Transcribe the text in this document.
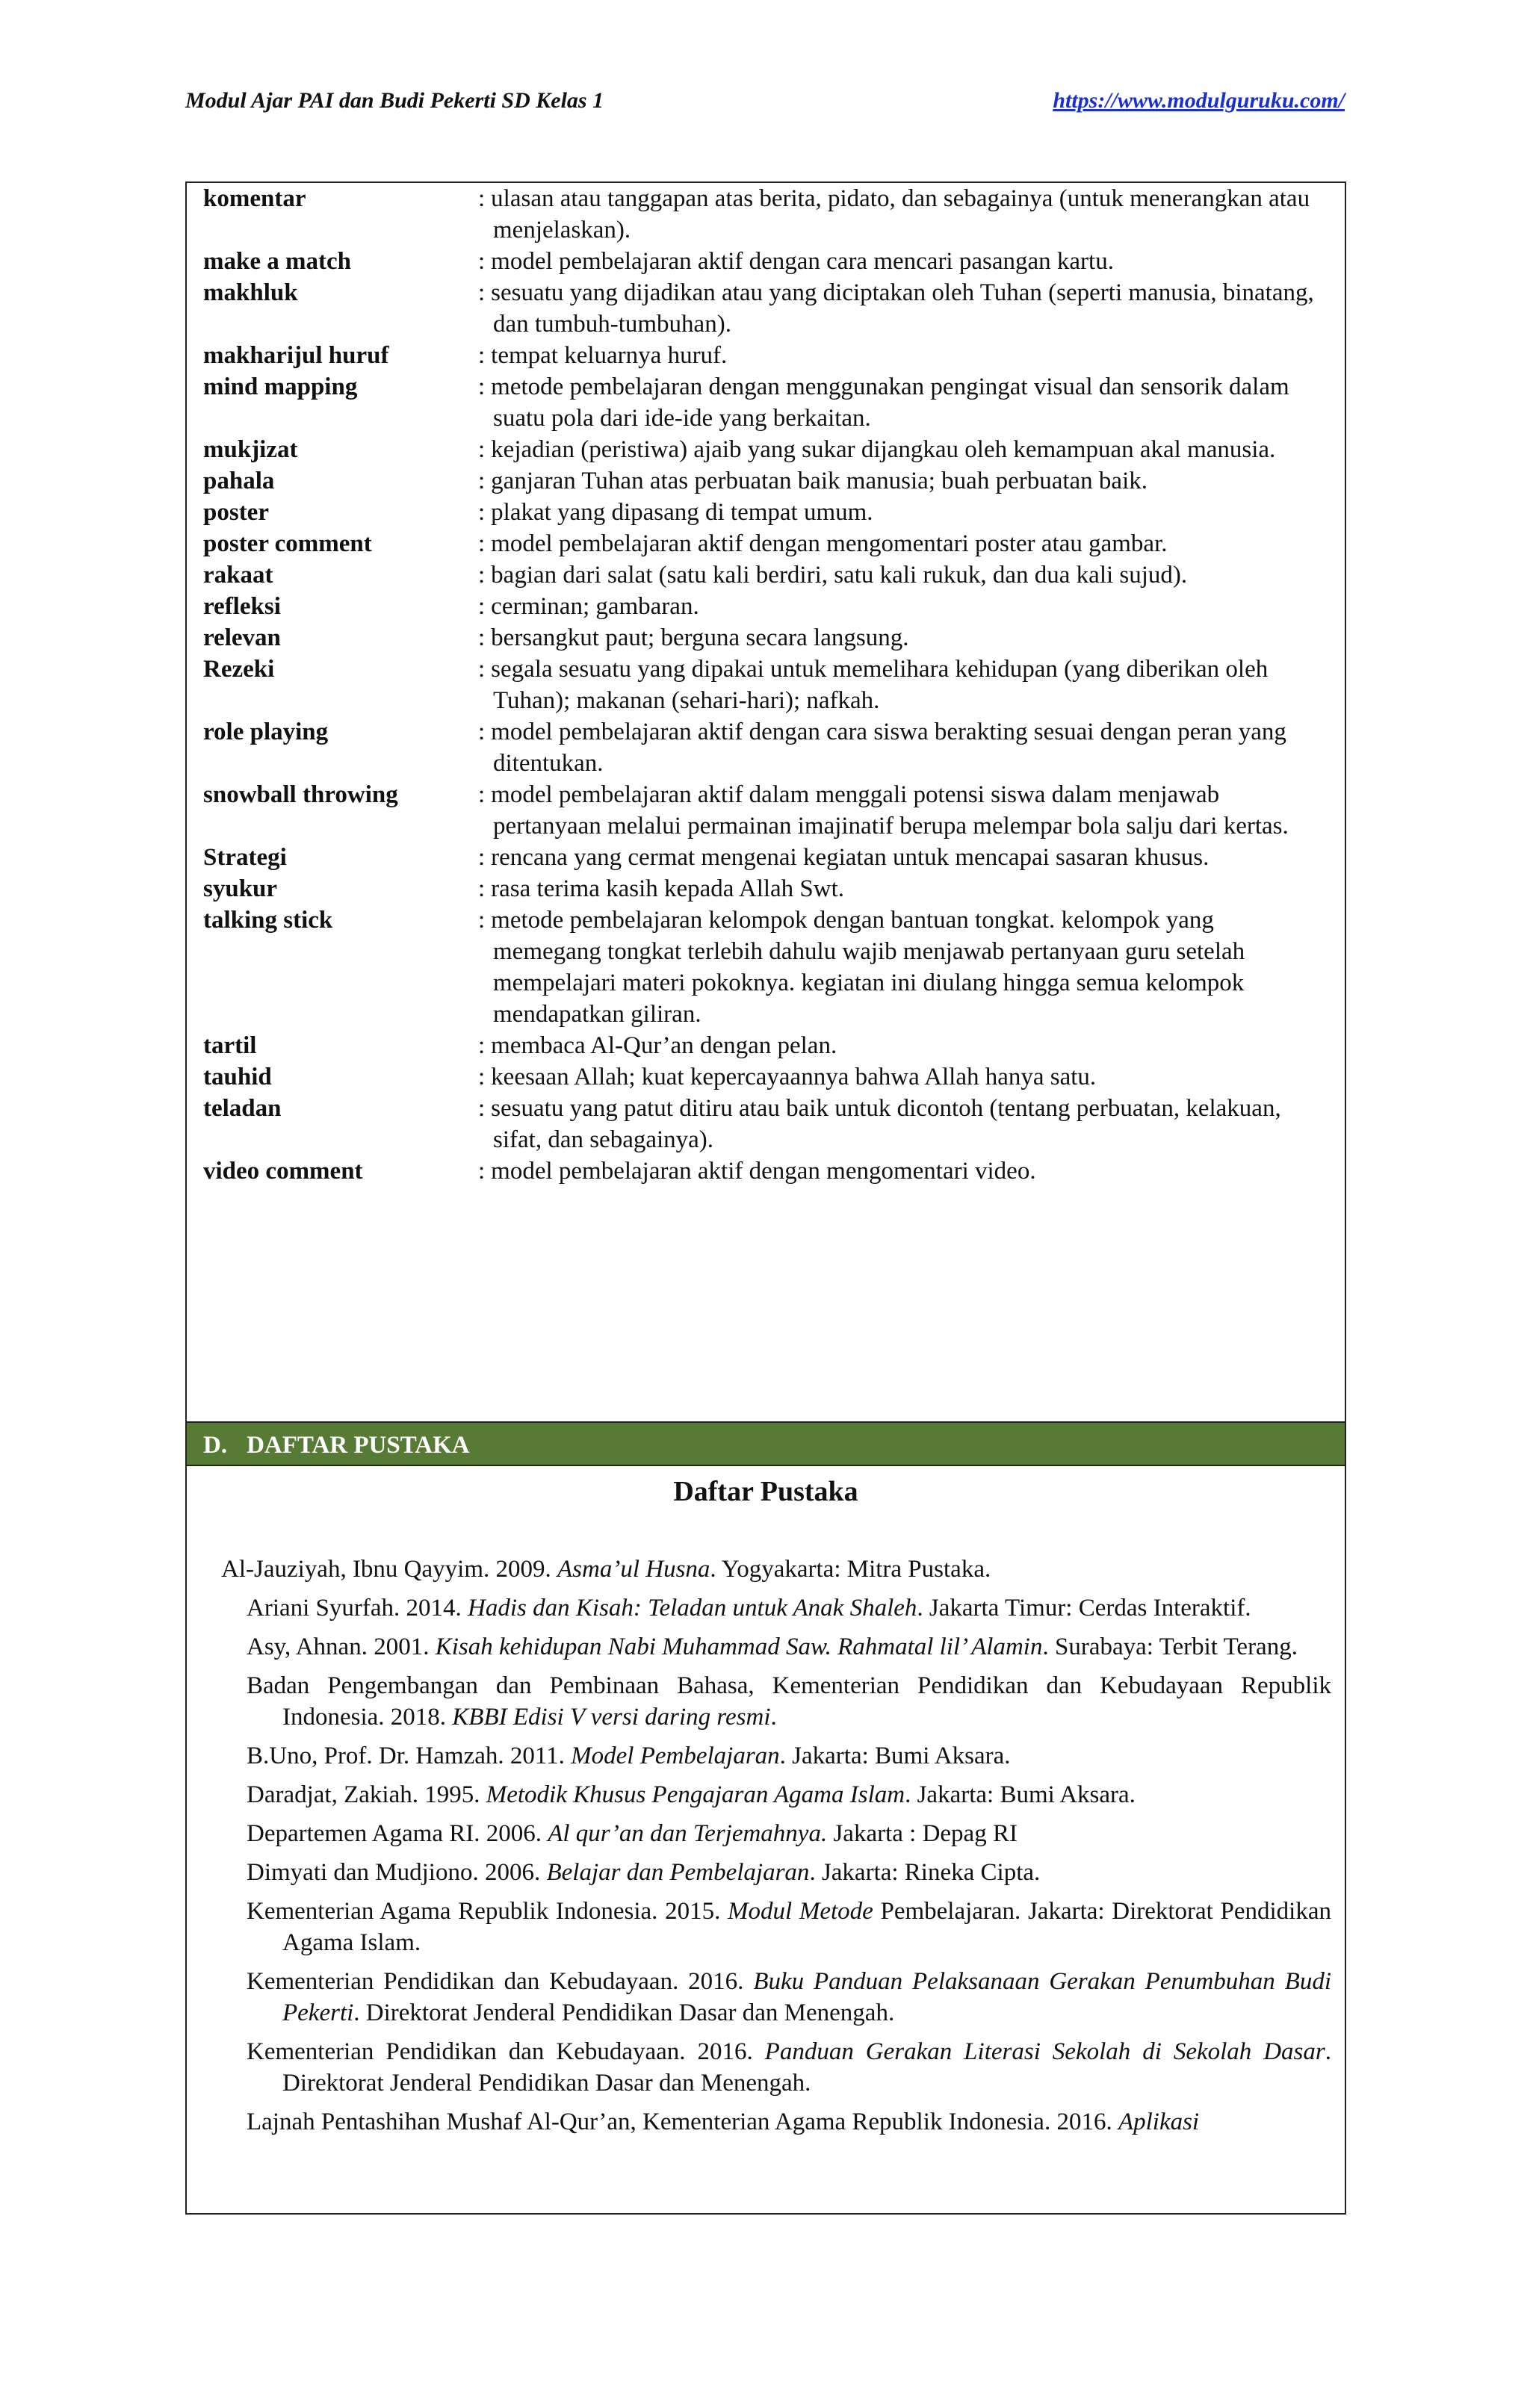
Modul Ajar PAI dan Budi Pekerti SD Kelas 1	https://www.modulguruku.com/
komentar	: ulasan atau tanggapan atas berita, pidato, dan sebagainya (untuk menerangkan atau menjelaskan).
make a match	: model pembelajaran aktif dengan cara mencari pasangan kartu.
makhluk	: sesuatu yang dijadikan atau yang diciptakan oleh Tuhan (seperti manusia, binatang, dan tumbuh-tumbuhan).
makharijul huruf	: tempat keluarnya huruf.
mind mapping	: metode pembelajaran dengan menggunakan pengingat visual dan sensorik dalam suatu pola dari ide-ide yang berkaitan.
mukjizat	: kejadian (peristiwa) ajaib yang sukar dijangkau oleh kemampuan akal manusia.
pahala	: ganjaran Tuhan atas perbuatan baik manusia; buah perbuatan baik.
poster	: plakat yang dipasang di tempat umum.
poster comment	: model pembelajaran aktif dengan mengomentari poster atau gambar.
rakaat	: bagian dari salat (satu kali berdiri, satu kali rukuk, dan dua kali sujud).
refleksi	: cerminan; gambaran.
relevan	: bersangkut paut; berguna secara langsung.
Rezeki	: segala sesuatu yang dipakai untuk memelihara kehidupan (yang diberikan oleh Tuhan); makanan (sehari-hari); nafkah.
role playing	: model pembelajaran aktif dengan cara siswa berakting sesuai dengan peran yang ditentukan.
snowball throwing	: model pembelajaran aktif dalam menggali potensi siswa dalam menjawab pertanyaan melalui permainan imajinatif berupa melempar bola salju dari kertas.
Strategi	: rencana yang cermat mengenai kegiatan untuk mencapai sasaran khusus.
syukur	: rasa terima kasih kepada Allah Swt.
talking stick	: metode pembelajaran kelompok dengan bantuan tongkat. kelompok yang memegang tongkat terlebih dahulu wajib menjawab pertanyaan guru setelah mempelajari materi pokoknya. kegiatan ini diulang hingga semua kelompok mendapatkan giliran.
tartil	: membaca Al-Qur’an dengan pelan.
tauhid	: keesaan Allah; kuat kepercayaannya bahwa Allah hanya satu.
teladan	: sesuatu yang patut ditiru atau baik untuk dicontoh (tentang perbuatan, kelakuan, sifat, dan sebagainya).
video comment	: model pembelajaran aktif dengan mengomentari video.
D. DAFTAR PUSTAKA
Daftar Pustaka
Al-Jauziyah, Ibnu Qayyim. 2009. Asma’ul Husna. Yogyakarta: Mitra Pustaka.
Ariani Syurfah. 2014. Hadis dan Kisah: Teladan untuk Anak Shaleh. Jakarta Timur: Cerdas Interaktif.
Asy, Ahnan. 2001. Kisah kehidupan Nabi Muhammad Saw. Rahmatal lil’ Alamin. Surabaya: Terbit Terang.
Badan Pengembangan dan Pembinaan Bahasa, Kementerian Pendidikan dan Kebudayaan Republik Indonesia. 2018. KBBI Edisi V versi daring resmi.
B.Uno, Prof. Dr. Hamzah. 2011. Model Pembelajaran. Jakarta: Bumi Aksara.
Daradjat, Zakiah. 1995. Metodik Khusus Pengajaran Agama Islam. Jakarta: Bumi Aksara.
Departemen Agama RI. 2006. Al qur’an dan Terjemahnya. Jakarta : Depag RI
Dimyati dan Mudjiono. 2006. Belajar dan Pembelajaran. Jakarta: Rineka Cipta.
Kementerian Agama Republik Indonesia. 2015. Modul Metode Pembelajaran. Jakarta: Direktorat Pendidikan Agama Islam.
Kementerian Pendidikan dan Kebudayaan. 2016. Buku Panduan Pelaksanaan Gerakan Penumbuhan Budi Pekerti. Direktorat Jenderal Pendidikan Dasar dan Menengah.
Kementerian Pendidikan dan Kebudayaan. 2016. Panduan Gerakan Literasi Sekolah di Sekolah Dasar. Direktorat Jenderal Pendidikan Dasar dan Menengah.
Lajnah Pentashihan Mushaf Al-Qur’an, Kementerian Agama Republik Indonesia. 2016. Aplikasi
